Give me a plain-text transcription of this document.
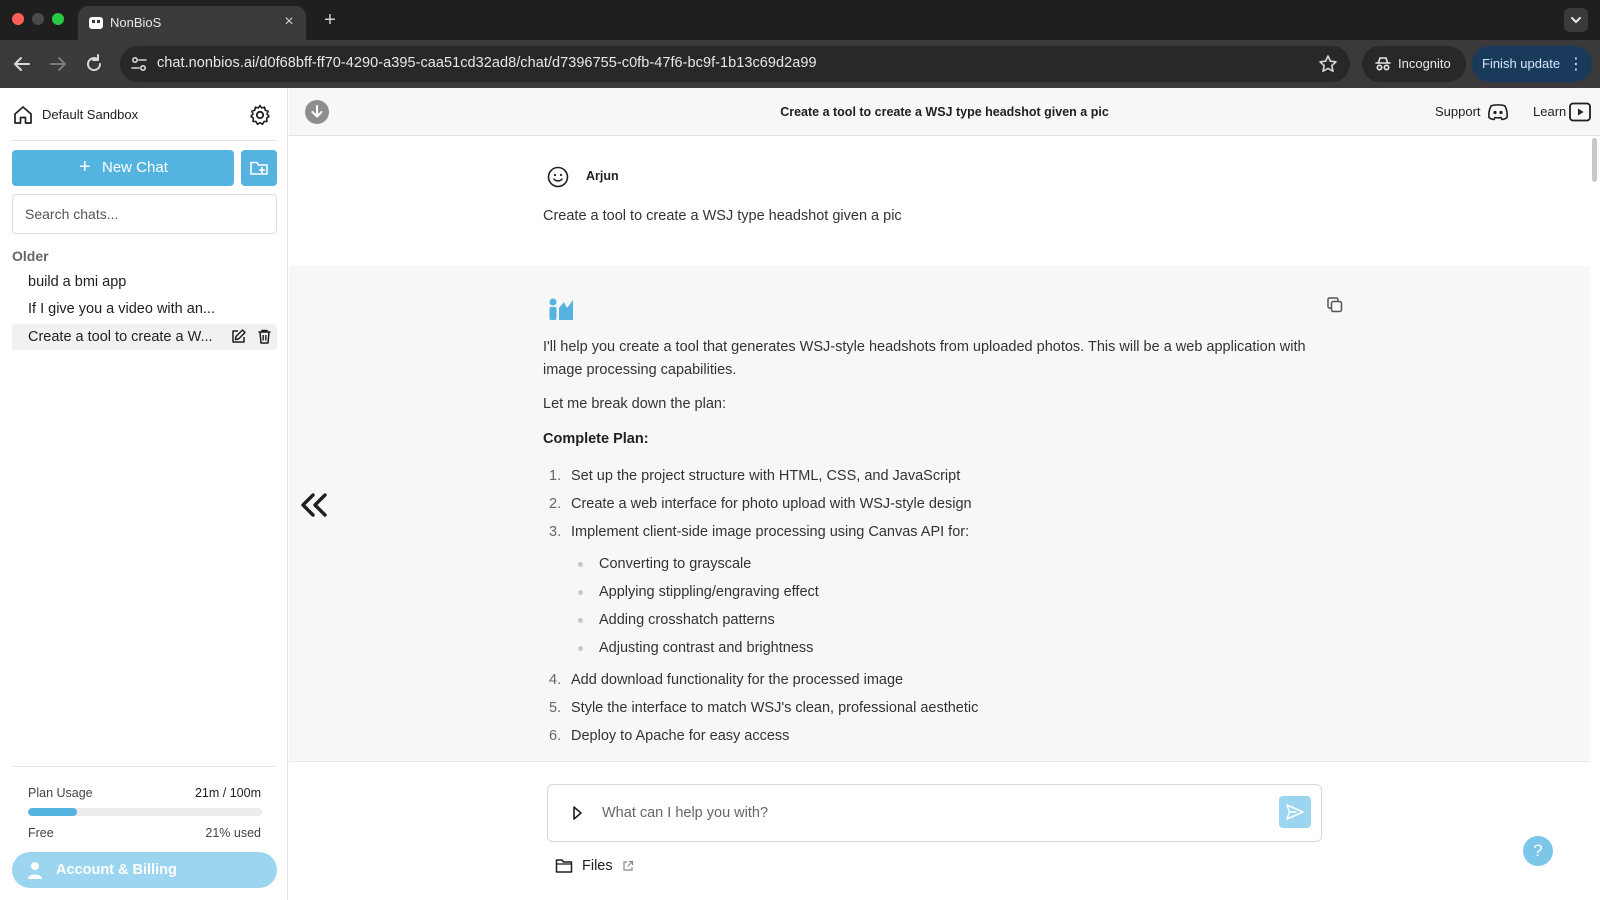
NonBioS	×	+
chat.nonbios.ai/d0f68bff-ff70-4290-a395-caa51cd32ad8/chat/d7396755-c0fb-47f6-bc9f-1b13c69d2a99	Incognito Finish update ⋮
Default Sandbox
+ New Chat
Search chats...
Older
build a bmi app
If I give you a video with an...
Create a tool to create a W...
Plan Usage	21m / 100m
Free	21% used
Account & Billing
Create a tool to create a WSJ type headshot given a pic	Support	Learn
Arjun
Create a tool to create a WSJ type headshot given a pic

I'll help you create a tool that generates WSJ-style headshots from uploaded photos. This will be a web application with image processing capabilities.

Let me break down the plan:

Complete Plan:

1. Set up the project structure with HTML, CSS, and JavaScript
2. Create a web interface for photo upload with WSJ-style design
3. Implement client-side image processing using Canvas API for:
Converting to grayscale
Applying stippling/engraving effect
Adding crosshatch patterns
Adjusting contrast and brightness
4. Add download functionality for the processed image
5. Style the interface to match WSJ's clean, professional aesthetic
6. Deploy to Apache for easy access
What can I help you with?
Files
?
